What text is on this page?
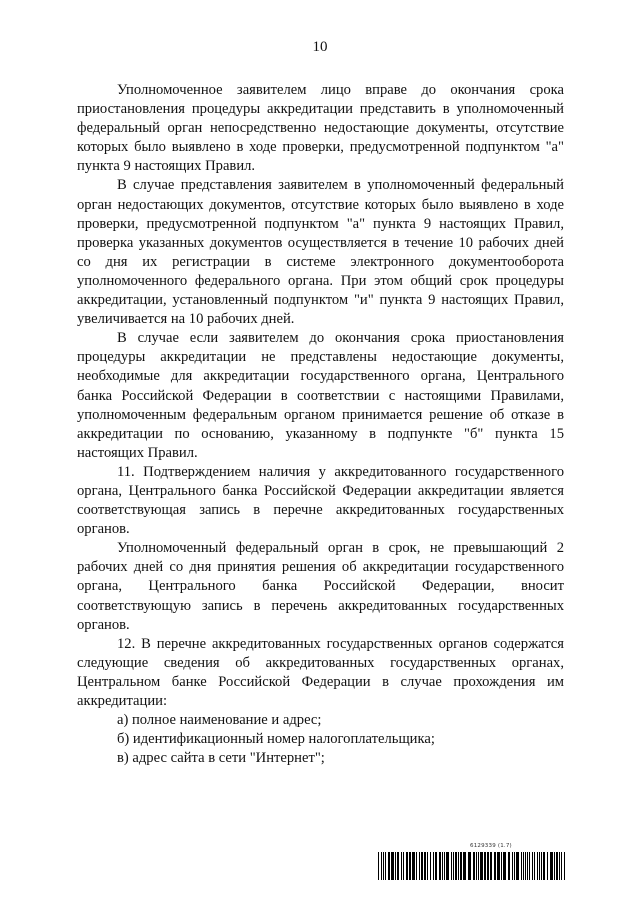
10

Уполномоченное заявителем лицо вправе до окончания срока приостановления процедуры аккредитации представить в уполномоченный федеральный орган непосредственно недостающие документы, отсутствие которых было выявлено в ходе проверки, предусмотренной подпунктом "а" пункта 9 настоящих Правил.

В случае представления заявителем в уполномоченный федеральный орган недостающих документов, отсутствие которых было выявлено в ходе проверки, предусмотренной подпунктом "а" пункта 9 настоящих Правил, проверка указанных документов осуществляется в течение 10 рабочих дней со дня их регистрации в системе электронного документооборота уполномоченного федерального органа. При этом общий срок процедуры аккредитации, установленный подпунктом "и" пункта 9 настоящих Правил, увеличивается на 10 рабочих дней.

В случае если заявителем до окончания срока приостановления процедуры аккредитации не представлены недостающие документы, необходимые для аккредитации государственного органа, Центрального банка Российской Федерации в соответствии с настоящими Правилами, уполномоченным федеральным органом принимается решение об отказе в аккредитации по основанию, указанному в подпункте "б" пункта 15 настоящих Правил.

11. Подтверждением наличия у аккредитованного государственного органа, Центрального банка Российской Федерации аккредитации является соответствующая запись в перечне аккредитованных государственных органов.

Уполномоченный федеральный орган в срок, не превышающий 2 рабочих дней со дня принятия решения об аккредитации государственного органа, Центрального банка Российской Федерации, вносит соответствующую запись в перечень аккредитованных государственных органов.

12. В перечне аккредитованных государственных органов содержатся следующие сведения об аккредитованных государственных органах, Центральном банке Российской Федерации в случае прохождения им аккредитации:

а) полное наименование и адрес;

б) идентификационный номер налогоплательщика;

в) адрес сайта в сети "Интернет";

6129339 (1.7)
